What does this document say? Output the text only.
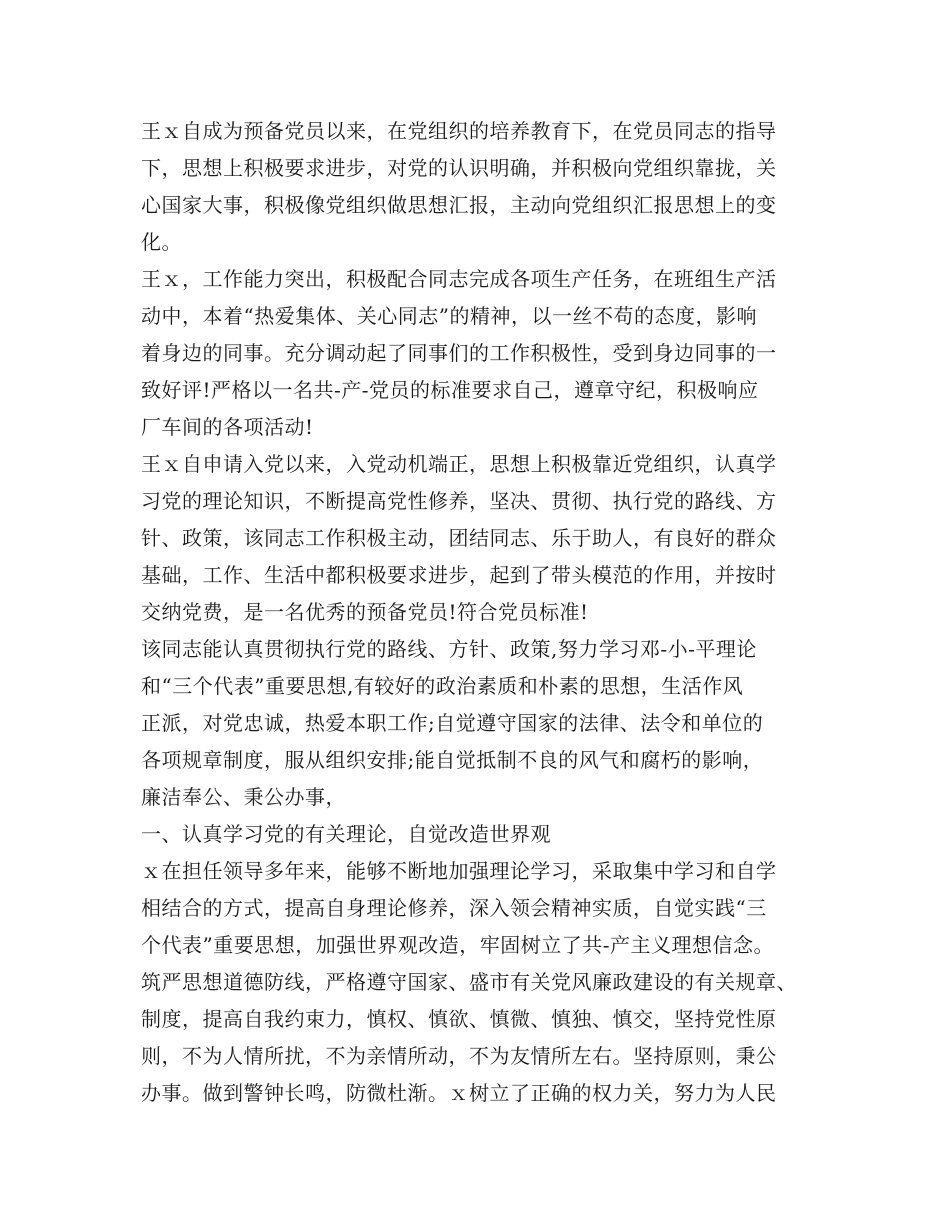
王ｘ自成为预备党员以来，在党组织的培养教育下，在党员同志的指导
下，思想上积极要求进步，对党的认识明确，并积极向党组织靠拢，关
心国家大事，积极像党组织做思想汇报，主动向党组织汇报思想上的变
化。
王ｘ，工作能力突出，积极配合同志完成各项生产任务，在班组生产活
动中，本着“热爱集体、关心同志”的精神，以一丝不苟的态度，影响
着身边的同事。充分调动起了同事们的工作积极性，受到身边同事的一
致好评!严格以一名共-产-党员的标准要求自己，遵章守纪，积极响应
厂车间的各项活动!
王ｘ自申请入党以来，入党动机端正，思想上积极靠近党组织，认真学
习党的理论知识，不断提高党性修养，坚决、贯彻、执行党的路线、方
针、政策，该同志工作积极主动，团结同志、乐于助人，有良好的群众
基础，工作、生活中都积极要求进步，起到了带头模范的作用，并按时
交纳党费，是一名优秀的预备党员!符合党员标准!
该同志能认真贯彻执行党的路线、方针、政策,努力学习邓-小-平理论
和“三个代表”重要思想,有较好的政治素质和朴素的思想，生活作风
正派，对党忠诚，热爱本职工作;自觉遵守国家的法律、法令和单位的
各项规章制度，服从组织安排;能自觉抵制不良的风气和腐朽的影响，
廉洁奉公、秉公办事，
一、认真学习党的有关理论，自觉改造世界观
ｘ在担任领导多年来，能够不断地加强理论学习，采取集中学习和自学
相结合的方式，提高自身理论修养，深入领会精神实质，自觉实践“三
个代表”重要思想，加强世界观改造，牢固树立了共-产主义理想信念。
筑严思想道德防线，严格遵守国家、盛市有关党风廉政建设的有关规章、
制度，提高自我约束力，慎权、慎欲、慎微、慎独、慎交，坚持党性原
则，不为人情所扰，不为亲情所动，不为友情所左右。坚持原则，秉公
办事。做到警钟长鸣，防微杜渐。ｘ树立了正确的权力关，努力为人民
